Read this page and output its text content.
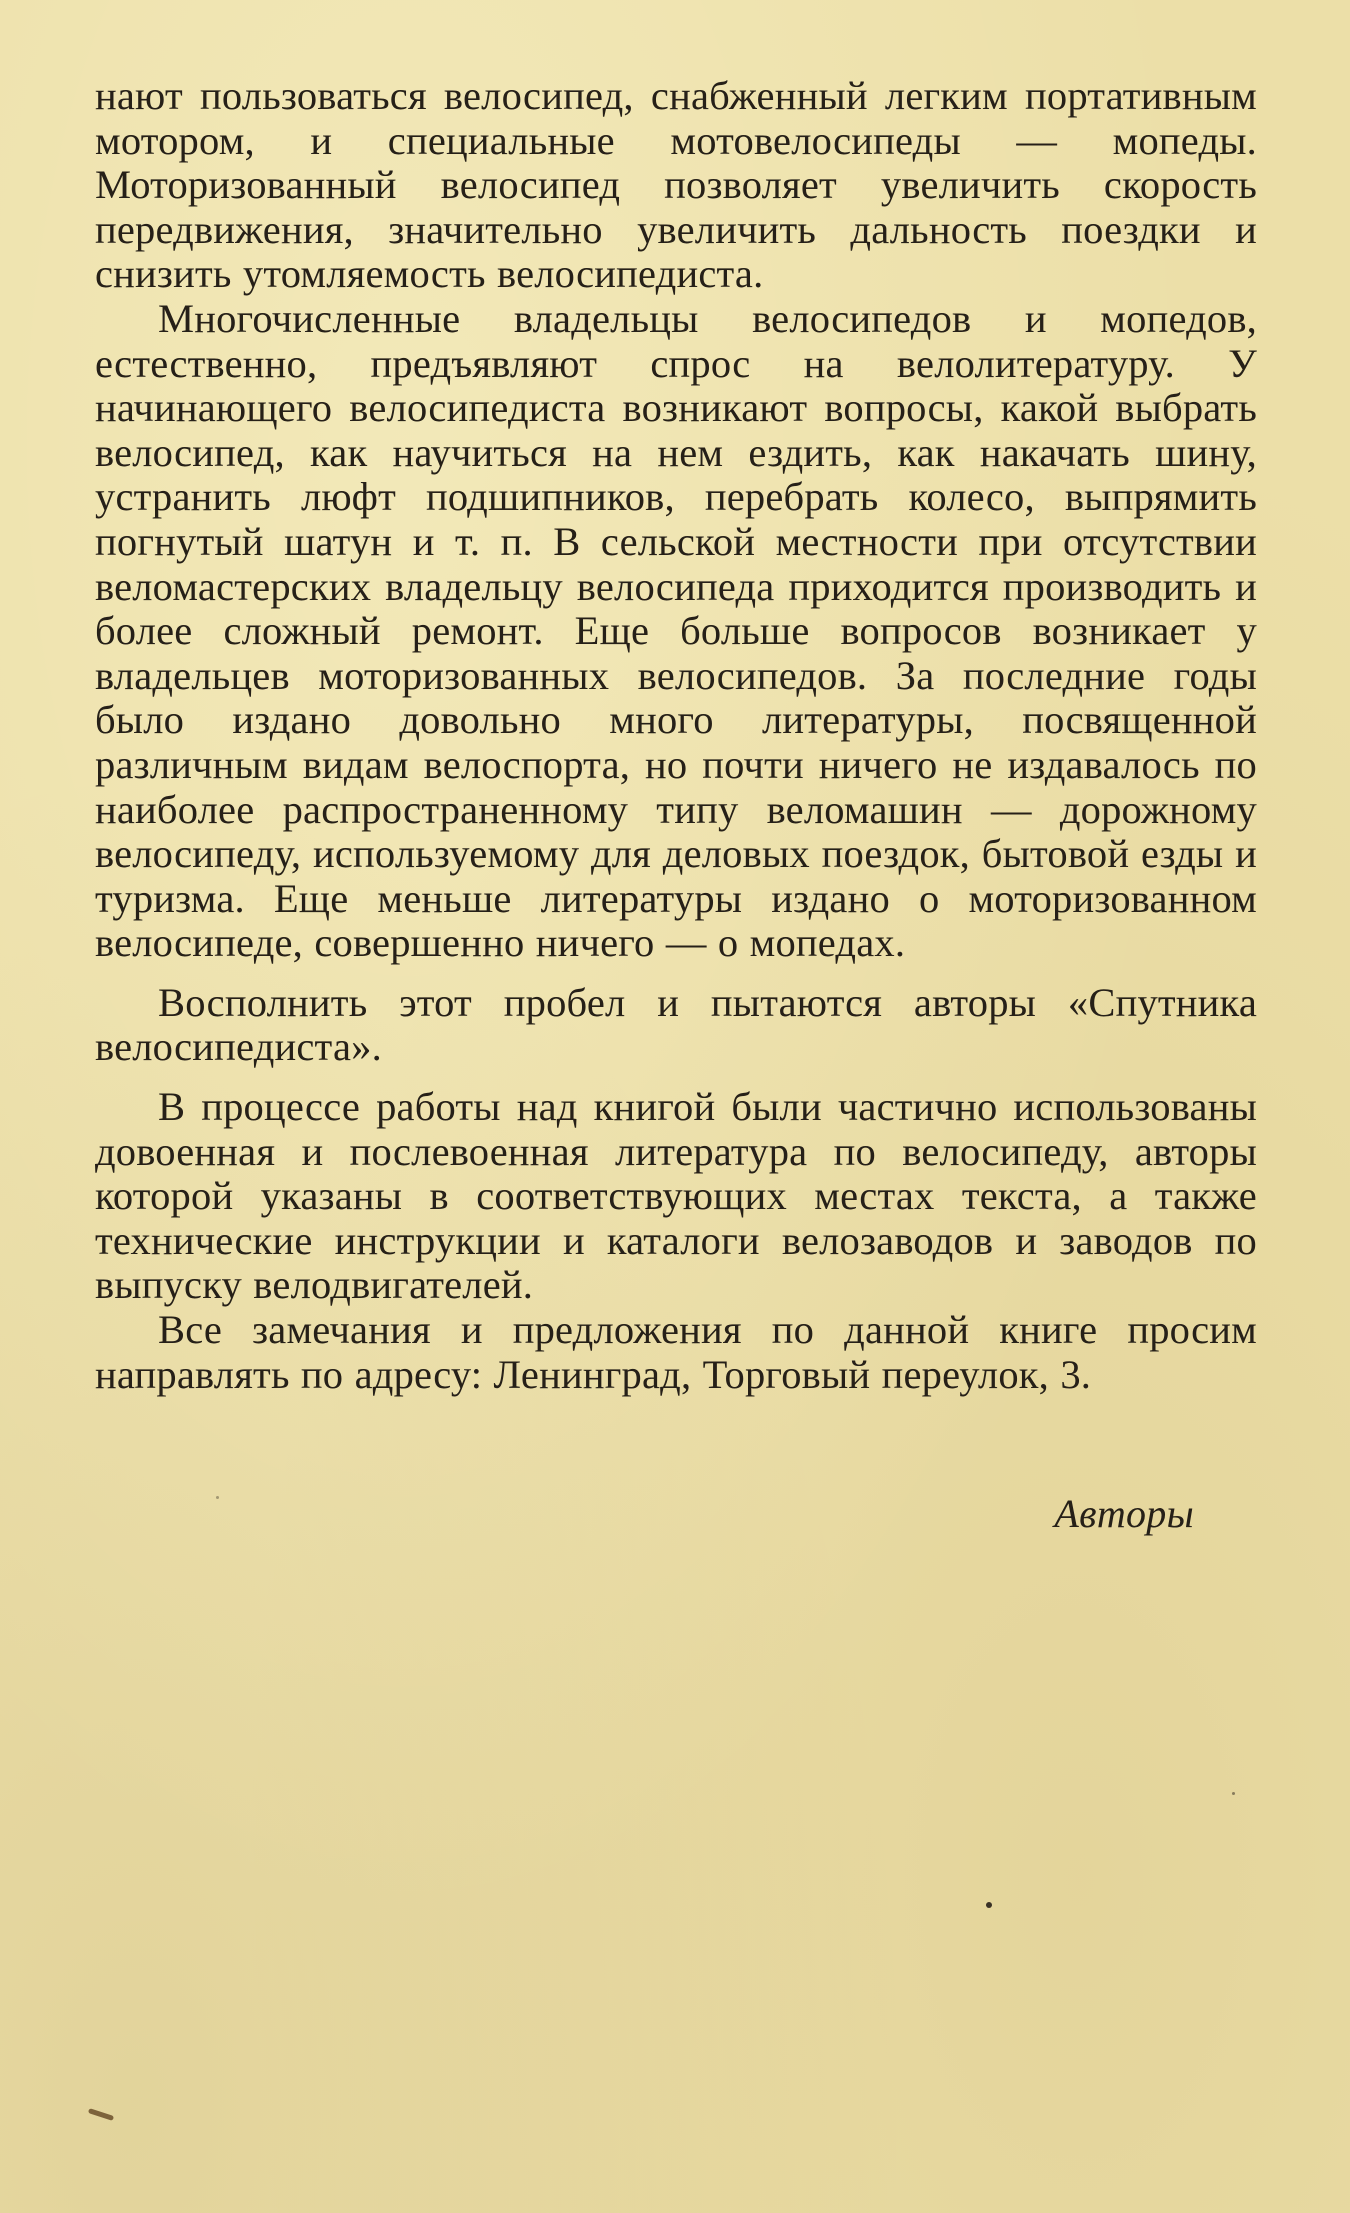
нают пользоваться велосипед, снабженный легким портативным мотором, и специальные мотовелосипеды — мопеды. Моторизованный велосипед позволяет увеличить скорость передвижения, значительно увеличить дальность поездки и снизить утомляемость велосипедиста.

Многочисленные владельцы велосипедов и мопедов, естественно, предъявляют спрос на велолитературу. У начинающего велосипедиста возникают вопросы, какой выбрать велосипед, как научиться на нем ездить, как накачать шину, устранить люфт подшипников, перебрать колесо, выпрямить погнутый шатун и т. п. В сельской местности при отсутствии веломастерских владельцу велосипеда приходится производить и более сложный ремонт. Еще больше вопросов возникает у владельцев моторизованных велосипедов. За последние годы было издано довольно много литературы, посвященной различным видам велоспорта, но почти ничего не издавалось по наиболее распространенному типу веломашин — дорожному велосипеду, используемому для деловых поездок, бытовой езды и туризма. Еще меньше литературы издано о моторизованном велосипеде, совершенно ничего — о мопедах.

Восполнить этот пробел и пытаются авторы «Спутника велосипедиста».

В процессе работы над книгой были частично использованы довоенная и послевоенная литература по велосипеду, авторы которой указаны в соответствующих местах текста, а также технические инструкции и каталоги велозаводов и заводов по выпуску велодвигателей.

Все замечания и предложения по данной книге просим направлять по адресу: Ленинград, Торговый переулок, 3.

Авторы
